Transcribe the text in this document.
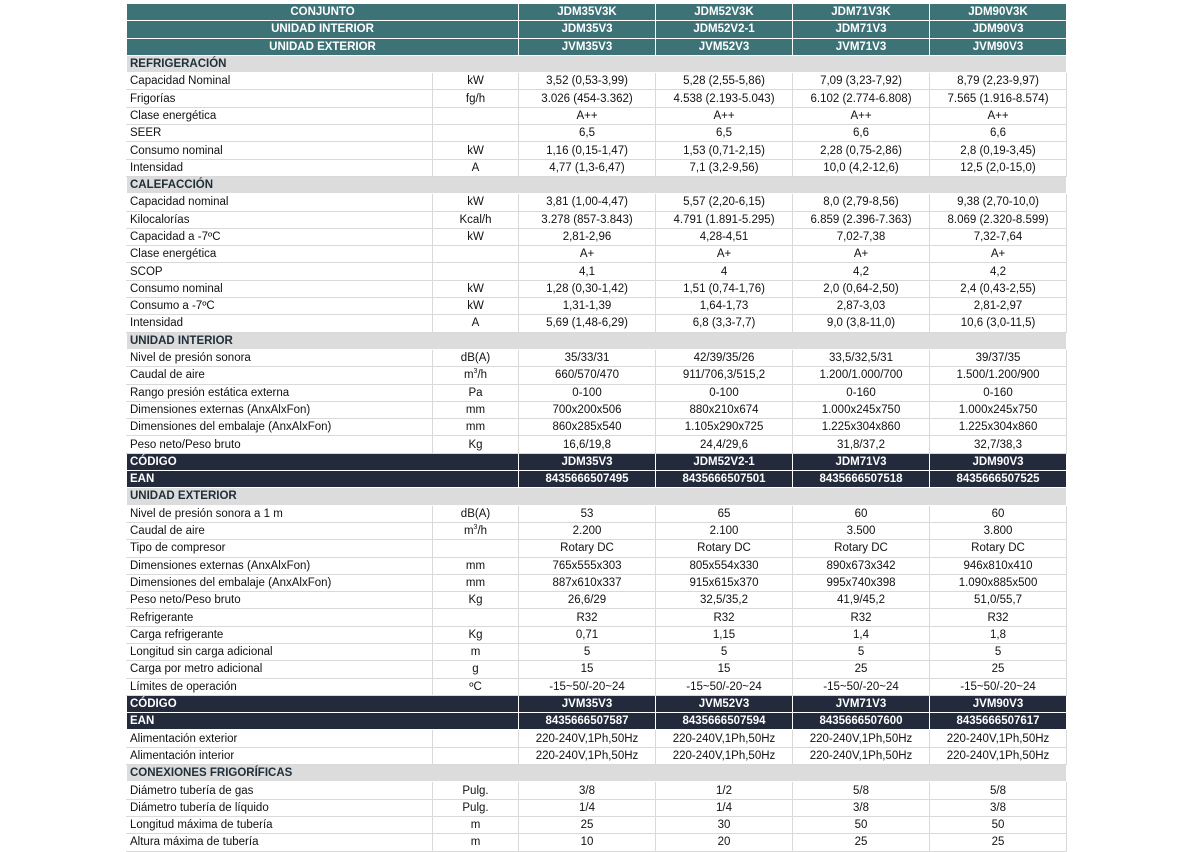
CONJUNTO		JDM35V3K	JDM52V3K	JDM71V3K	JDM90V3K
UNIDAD INTERIOR		JDM35V3	JDM52V2-1	JDM71V3	JDM90V3
UNIDAD EXTERIOR		JVM35V3	JVM52V3	JVM71V3	JVM90V3
REFRIGERACIÓN					
Capacidad Nominal	kW	3,52 (0,53-3,99)	5,28 (2,55-5,86)	7,09 (3,23-7,92)	8,79 (2,23-9,97)
Frigorías	fg/h	3.026 (454-3.362)	4.538 (2.193-5.043)	6.102 (2.774-6.808)	7.565 (1.916-8.574)
Clase energética		A++	A++	A++	A++
SEER		6,5	6,5	6,6	6,6
Consumo nominal	kW	1,16 (0,15-1,47)	1,53 (0,71-2,15)	2,28 (0,75-2,86)	2,8 (0,19-3,45)
Intensidad	A	4,77 (1,3-6,47)	7,1 (3,2-9,56)	10,0 (4,2-12,6)	12,5 (2,0-15,0)
CALEFACCIÓN					
Capacidad nominal	kW	3,81 (1,00-4,47)	5,57 (2,20-6,15)	8,0 (2,79-8,56)	9,38 (2,70-10,0)
Kilocalorías	Kcal/h	3.278 (857-3.843)	4.791 (1.891-5.295)	6.859 (2.396-7.363)	8.069 (2.320-8.599)
Capacidad a -7ºC	kW	2,81-2,96	4,28-4,51	7,02-7,38	7,32-7,64
Clase energética		A+	A+	A+	A+
SCOP		4,1	4	4,2	4,2
Consumo nominal	kW	1,28 (0,30-1,42)	1,51 (0,74-1,76)	2,0 (0,64-2,50)	2,4 (0,43-2,55)
Consumo a -7ºC	kW	1,31-1,39	1,64-1,73	2,87-3,03	2,81-2,97
Intensidad	A	5,69 (1,48-6,29)	6,8 (3,3-7,7)	9,0 (3,8-11,0)	10,6 (3,0-11,5)
UNIDAD INTERIOR					
Nivel de presión sonora	dB(A)	35/33/31	42/39/35/26	33,5/32,5/31	39/37/35
Caudal de aire	$m^3/h$	660/570/470	911/706,3/515,2	1.200/1.000/700	1.500/1.200/900
Rango presión estática externa	Pa	0-100	0-100	0-160	0-160
Dimensiones externas (AnxAlxFon)	mm	700x200x506	880x210x674	1.000x245x750	1.000x245x750
Dimensiones del embalaje (AnxAlxFon)	mm	860x285x540	1.105x290x725	1.225x304x860	1.225x304x860
Peso neto/Peso bruto	Kg	16,6/19,8	24,4/29,6	31,8/37,2	32,7/38,3
CÓDIGO		JDM35V3	JDM52V2-1	JDM71V3	JDM90V3
EAN		8435666507495	8435666507501	8435666507518	8435666507525
UNIDAD EXTERIOR					
Nivel de presión sonora a 1 m	dB(A)	53	65	60	60
Caudal de aire	$m^3/h$	2.200	2.100	3.500	3.800
Tipo de compresor		Rotary DC	Rotary DC	Rotary DC	Rotary DC
Dimensiones externas (AnxAlxFon)	mm	765x555x303	805x554x330	890x673x342	946x810x410
Dimensiones del embalaje (AnxAlxFon)	mm	887x610x337	915x615x370	995x740x398	1.090x885x500
Peso neto/Peso bruto	Kg	26,6/29	32,5/35,2	41,9/45,2	51,0/55,7
Refrigerante		R32	R32	R32	R32
Carga refrigerante	Kg	0,71	1,15	1,4	1,8
Longitud sin carga adicional	m	5	5	5	5
Carga por metro adicional	g	15	15	25	25
Límites de operación	ºC	-15~50/-20~24	-15~50/-20~24	-15~50/-20~24	-15~50/-20~24
CÓDIGO		JVM35V3	JVM52V3	JVM71V3	JVM90V3
EAN		8435666507587	8435666507594	8435666507600	8435666507617
Alimentación exterior		220-240V,1Ph,50Hz	220-240V,1Ph,50Hz	220-240V,1Ph,50Hz	220-240V,1Ph,50Hz
Alimentación interior		220-240V,1Ph,50Hz	220-240V,1Ph,50Hz	220-240V,1Ph,50Hz	220-240V,1Ph,50Hz
CONEXIONES FRIGORÍFICAS					
Diámetro tubería de gas	Pulg.	3/8	1/2	5/8	5/8
Diámetro tubería de líquido	Pulg.	1/4	1/4	3/8	3/8
Longitud máxima de tubería	m	25	30	50	50
Altura máxima de tubería	m	10	20	25	25
